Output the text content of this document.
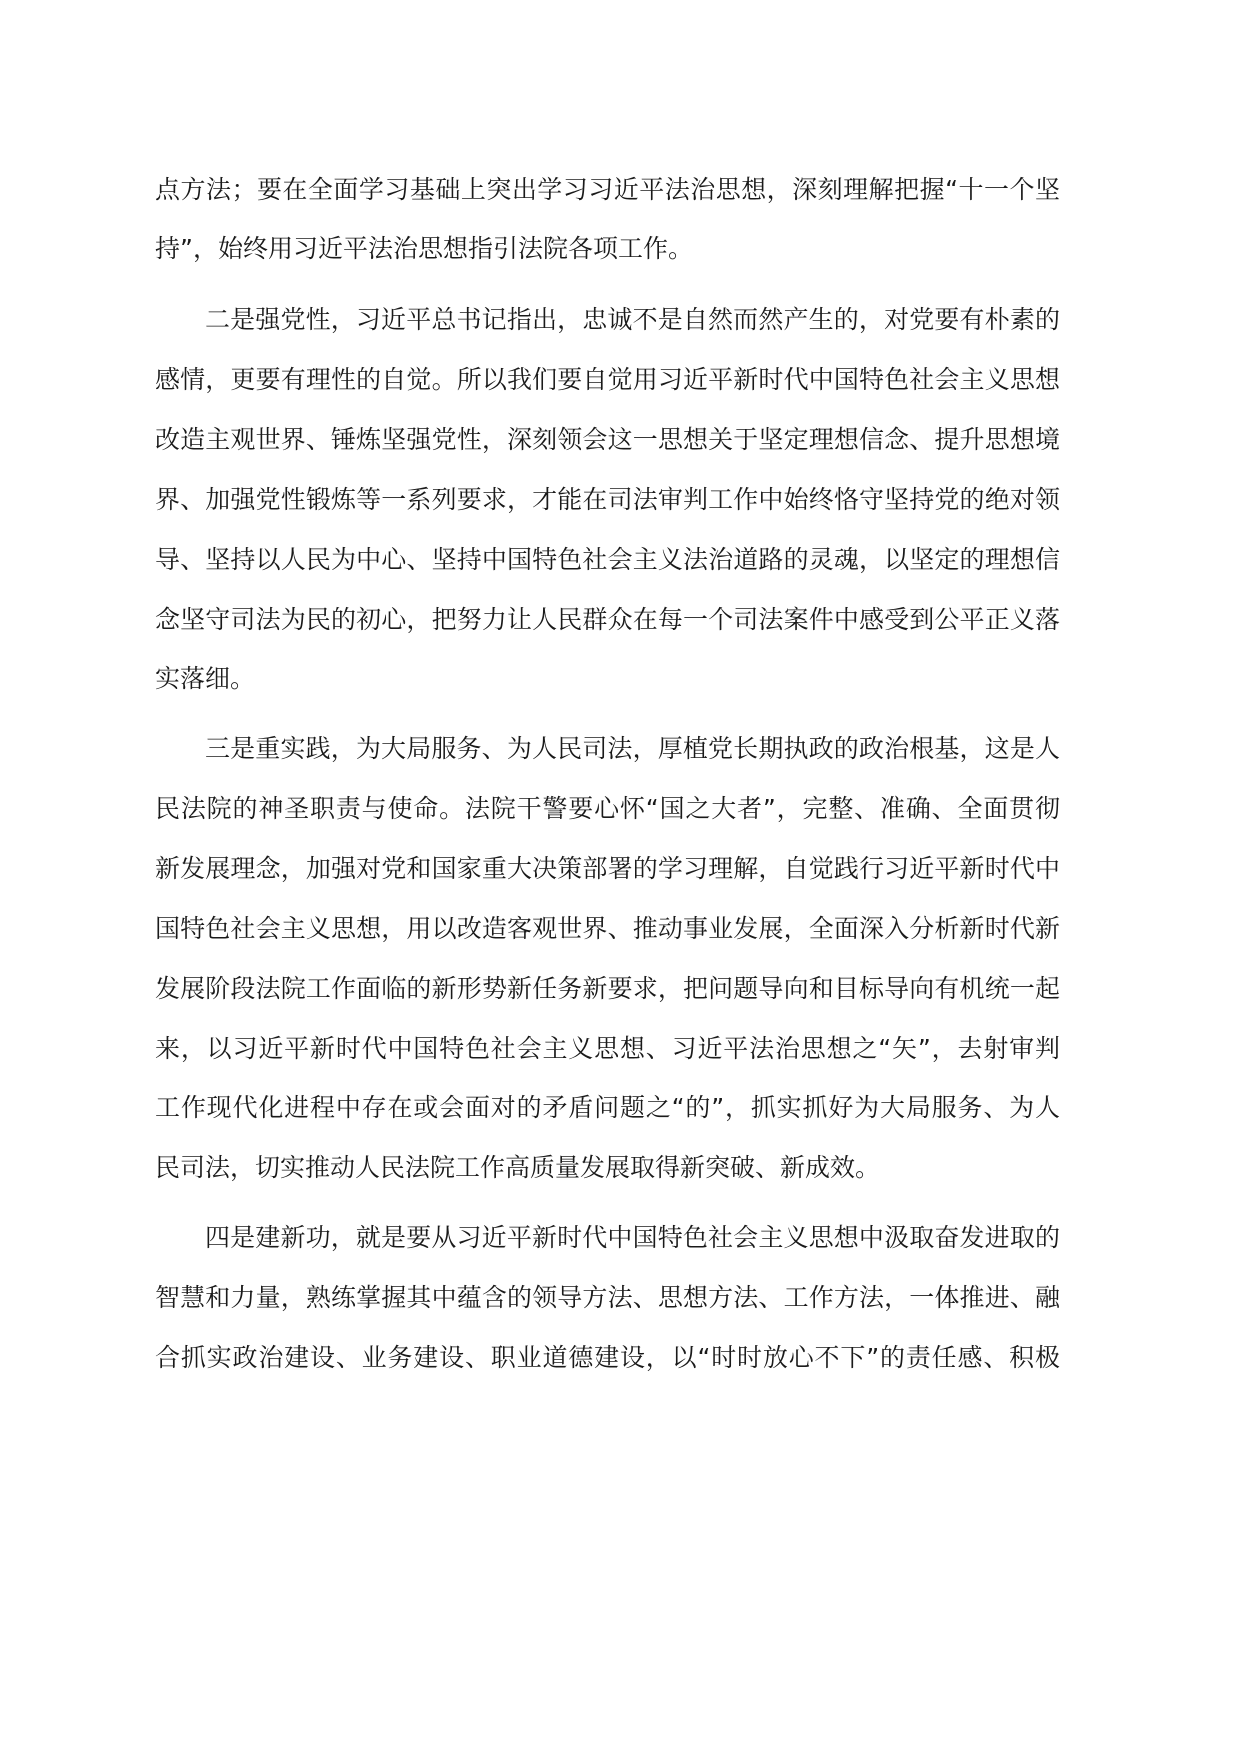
点方法；要在全面学习基础上突出学习习近平法治思想，深刻理解把握“十一个坚
持”，始终用习近平法治思想指引法院各项工作。
二是强党性，习近平总书记指出，忠诚不是自然而然产生的，对党要有朴素的
感情，更要有理性的自觉。所以我们要自觉用习近平新时代中国特色社会主义思想
改造主观世界、锤炼坚强党性，深刻领会这一思想关于坚定理想信念、提升思想境
界、加强党性锻炼等一系列要求，才能在司法审判工作中始终恪守坚持党的绝对领
导、坚持以人民为中心、坚持中国特色社会主义法治道路的灵魂，以坚定的理想信
念坚守司法为民的初心，把努力让人民群众在每一个司法案件中感受到公平正义落
实落细。
三是重实践，为大局服务、为人民司法，厚植党长期执政的政治根基，这是人
民法院的神圣职责与使命。法院干警要心怀“国之大者”，完整、准确、全面贯彻
新发展理念，加强对党和国家重大决策部署的学习理解，自觉践行习近平新时代中
国特色社会主义思想，用以改造客观世界、推动事业发展，全面深入分析新时代新
发展阶段法院工作面临的新形势新任务新要求，把问题导向和目标导向有机统一起
来，以习近平新时代中国特色社会主义思想、习近平法治思想之“矢”，去射审判
工作现代化进程中存在或会面对的矛盾问题之“的”，抓实抓好为大局服务、为人
民司法，切实推动人民法院工作高质量发展取得新突破、新成效。
四是建新功，就是要从习近平新时代中国特色社会主义思想中汲取奋发进取的
智慧和力量，熟练掌握其中蕴含的领导方法、思想方法、工作方法，一体推进、融
合抓实政治建设、业务建设、职业道德建设，以“时时放心不下”的责任感、积极
